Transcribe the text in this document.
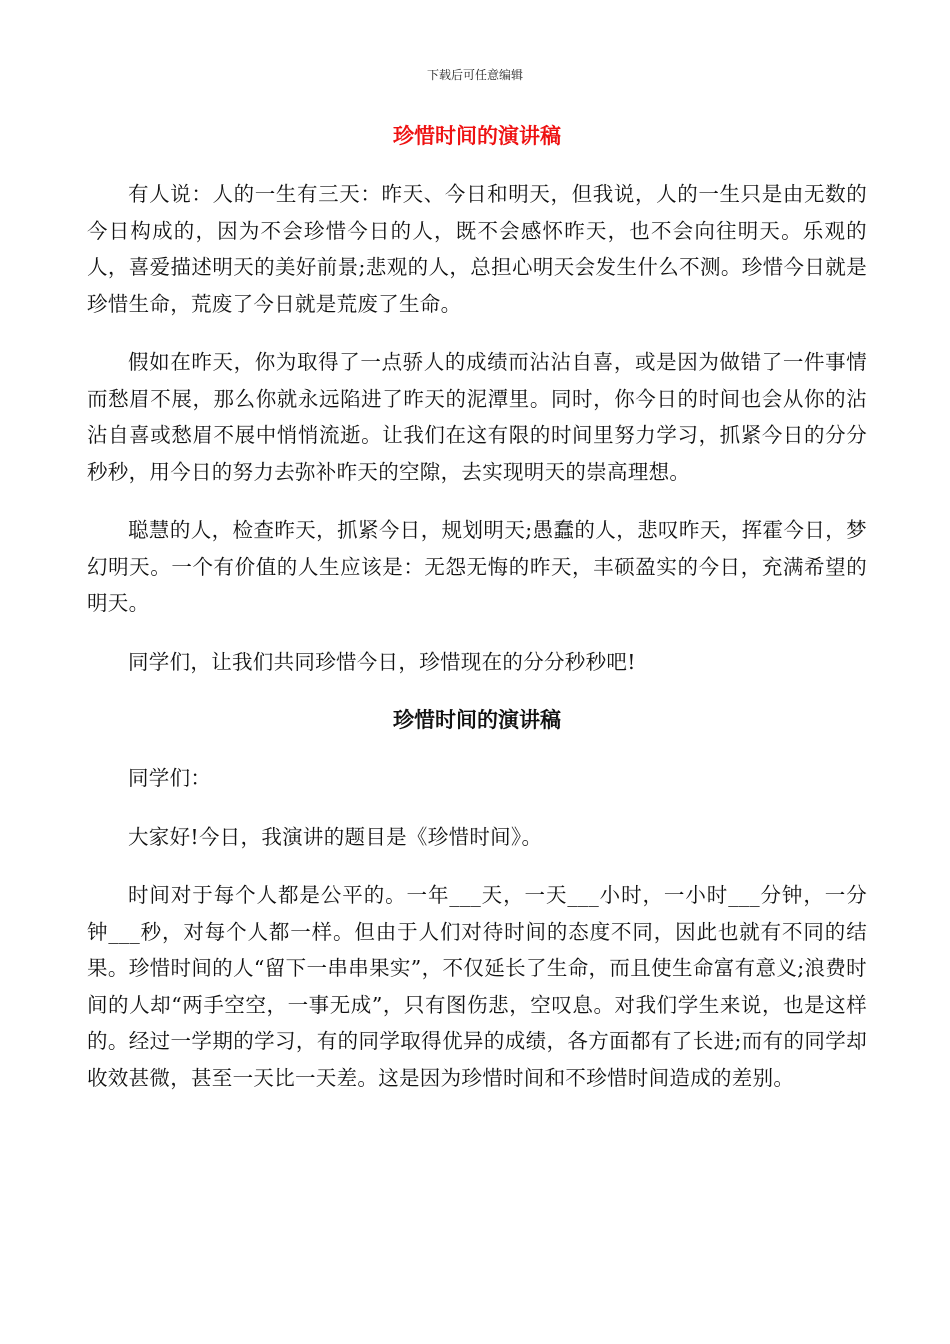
下载后可任意编辑
珍惜时间的演讲稿

有人说：人的一生有三天：昨天、今日和明天，但我说，人的一生只是由无数的今日构成的，因为不会珍惜今日的人，既不会感怀昨天，也不会向往明天。乐观的人，喜爱描述明天的美好前景;悲观的人，总担心明天会发生什么不测。珍惜今日就是珍惜生命，荒废了今日就是荒废了生命。

假如在昨天，你为取得了一点骄人的成绩而沾沾自喜，或是因为做错了一件事情而愁眉不展，那么你就永远陷进了昨天的泥潭里。同时，你今日的时间也会从你的沾沾自喜或愁眉不展中悄悄流逝。让我们在这有限的时间里努力学习，抓紧今日的分分秒秒，用今日的努力去弥补昨天的空隙，去实现明天的崇高理想。

聪慧的人，检查昨天，抓紧今日，规划明天;愚蠢的人，悲叹昨天，挥霍今日，梦幻明天。一个有价值的人生应该是：无怨无悔的昨天，丰硕盈实的今日，充满希望的明天。

同学们，让我们共同珍惜今日，珍惜现在的分分秒秒吧!

珍惜时间的演讲稿

同学们：

大家好!今日，我演讲的题目是《珍惜时间》。

时间对于每个人都是公平的。一年___天，一天___小时，一小时___分钟，一分钟___秒，对每个人都一样。但由于人们对待时间的态度不同，因此也就有不同的结果。珍惜时间的人“留下一串串果实”，不仅延长了生命，而且使生命富有意义;浪费时间的人却“两手空空，一事无成”，只有图伤悲，空叹息。对我们学生来说，也是这样的。经过一学期的学习，有的同学取得优异的成绩，各方面都有了长进;而有的同学却收效甚微，甚至一天比一天差。这是因为珍惜时间和不珍惜时间造成的差别。
